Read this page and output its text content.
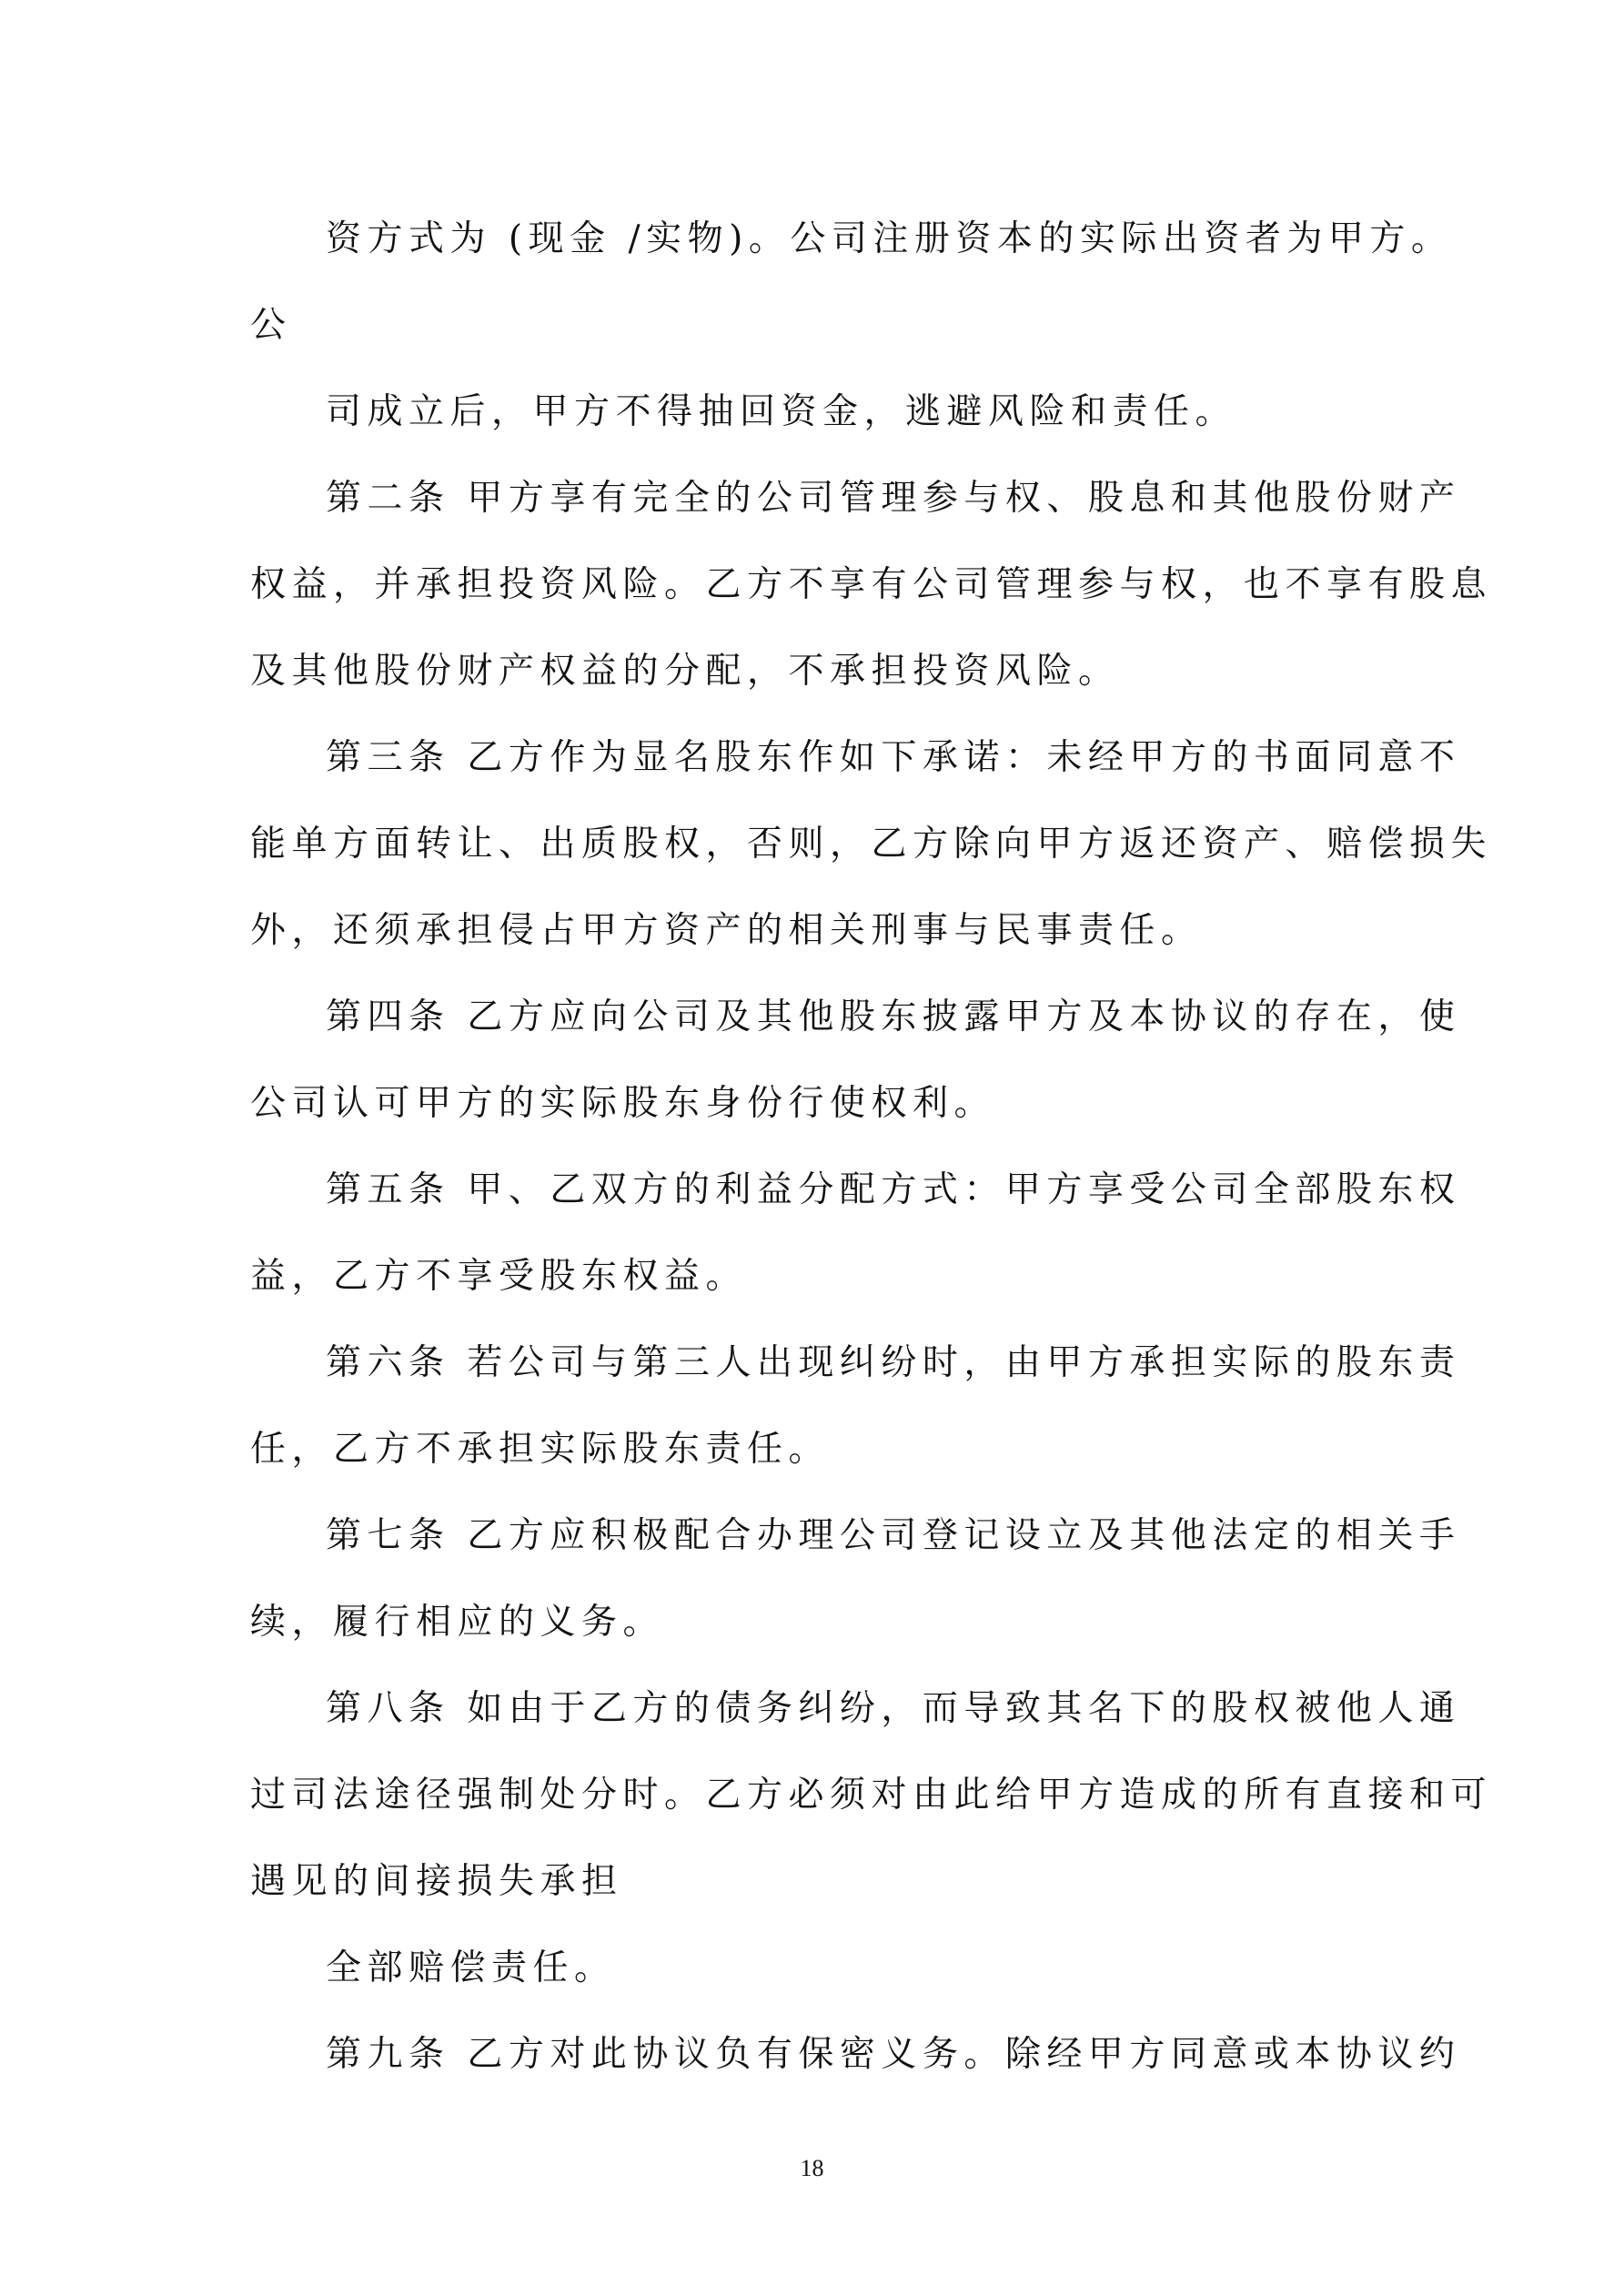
资方式为 (现金 /实物)。公司注册资本的实际出资者为甲方。
公
司成立后，甲方不得抽回资金，逃避风险和责任。
第二条 甲方享有完全的公司管理参与权、股息和其他股份财产
权益，并承担投资风险。乙方不享有公司管理参与权，也不享有股息
及其他股份财产权益的分配，不承担投资风险。
第三条 乙方作为显名股东作如下承诺：未经甲方的书面同意不
能单方面转让、出质股权，否则，乙方除向甲方返还资产、赔偿损失
外，还须承担侵占甲方资产的相关刑事与民事责任。
第四条 乙方应向公司及其他股东披露甲方及本协议的存在，使
公司认可甲方的实际股东身份行使权利。
第五条 甲、乙双方的利益分配方式：甲方享受公司全部股东权
益，乙方不享受股东权益。
第六条 若公司与第三人出现纠纷时，由甲方承担实际的股东责
任，乙方不承担实际股东责任。
第七条 乙方应积极配合办理公司登记设立及其他法定的相关手
续，履行相应的义务。
第八条 如由于乙方的债务纠纷，而导致其名下的股权被他人通
过司法途径强制处分时。乙方必须对由此给甲方造成的所有直接和可
遇见的间接损失承担
全部赔偿责任。
第九条 乙方对此协议负有保密义务。除经甲方同意或本协议约
18
